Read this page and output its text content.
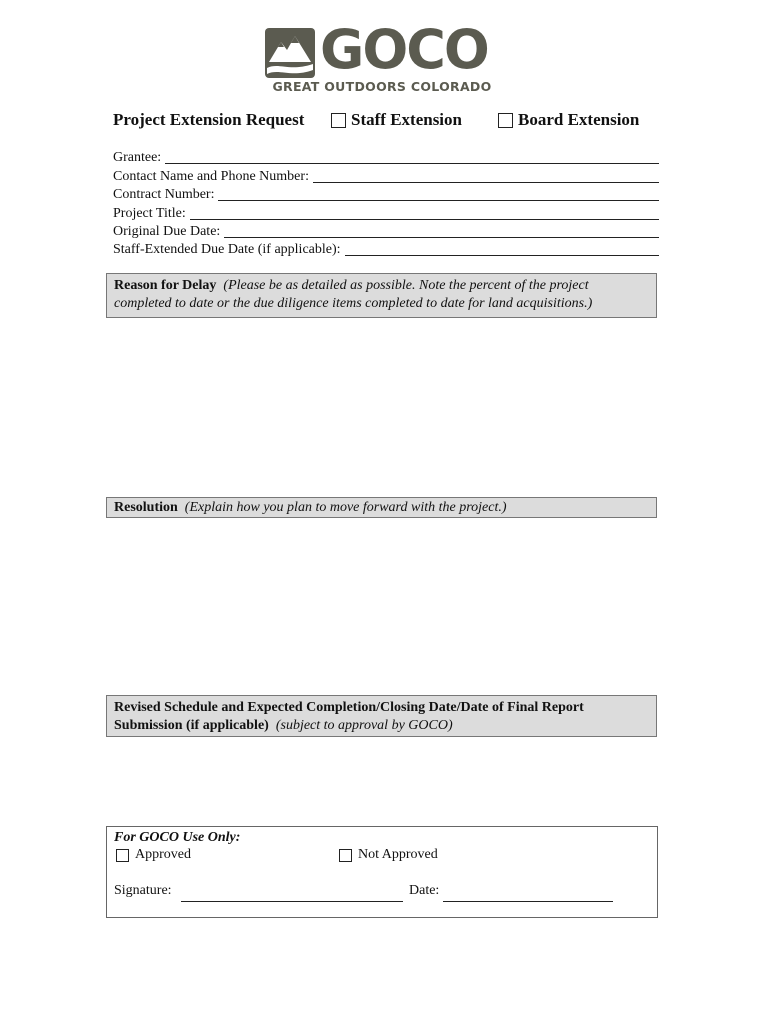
GOCO
GREAT OUTDOORS COLORADO
Project Extension Request	Staff Extension	Board Extension
Grantee:
Contact Name and Phone Number:
Contract Number:
Project Title:
Original Due Date:
Staff-Extended Due Date (if applicable):
Reason for Delay (Please be as detailed as possible. Note the percent of the project completed to date or the due diligence items completed to date for land acquisitions.)
Resolution (Explain how you plan to move forward with the project.)
Revised Schedule and Expected Completion/Closing Date/Date of Final Report
Submission (if applicable) (subject to approval by GOCO)
For GOCO Use Only:
Approved	Not Approved
Signature:	Date:
